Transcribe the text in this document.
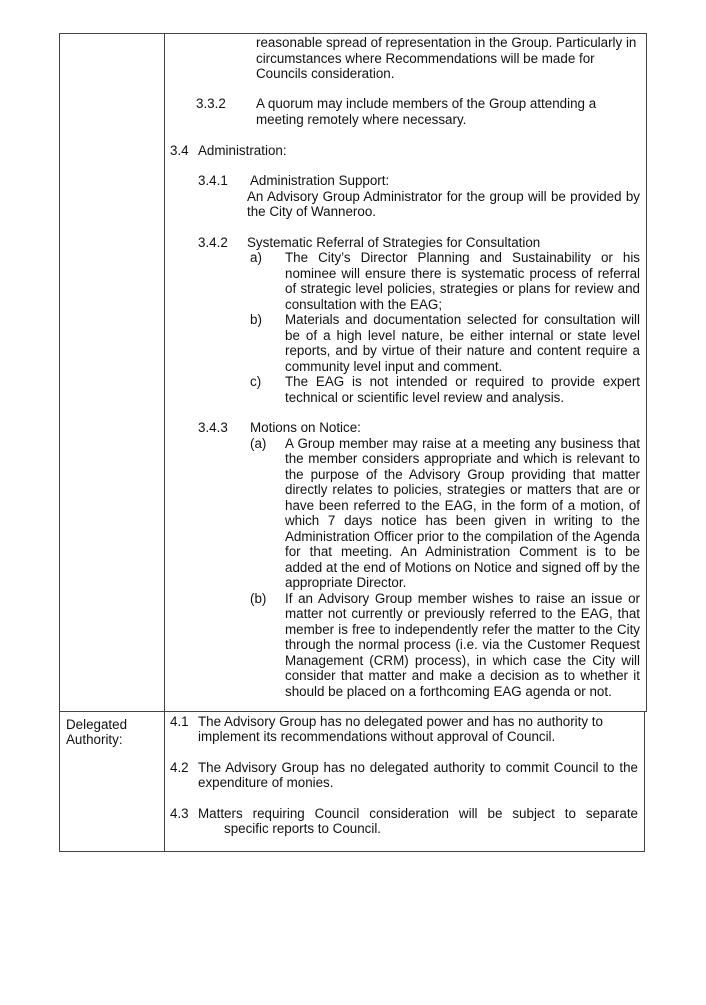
reasonable spread of representation in the Group. Particularly in
circumstances where Recommendations will be made for
Councils consideration.
3.3.2 A quorum may include members of the Group attending a
meeting remotely where necessary.
3.4 Administration:
3.4.1 Administration Support:
An Advisory Group Administrator for the group will be provided by
the City of Wanneroo.
3.4.2 Systematic Referral of Strategies for Consultation
a) The City’s Director Planning and Sustainability or his
nominee will ensure there is systematic process of referral
of strategic level policies, strategies or plans for review and
consultation with the EAG;
b) Materials and documentation selected for consultation will
be of a high level nature, be either internal or state level
reports, and by virtue of their nature and content require a
community level input and comment.
c) The EAG is not intended or required to provide expert
technical or scientific level review and analysis.
3.4.3 Motions on Notice:
(a) A Group member may raise at a meeting any business that
the member considers appropriate and which is relevant to
the purpose of the Advisory Group providing that matter
directly relates to policies, strategies or matters that are or
have been referred to the EAG, in the form of a motion, of
which 7 days notice has been given in writing to the
Administration Officer prior to the compilation of the Agenda
for that meeting. An Administration Comment is to be
added at the end of Motions on Notice and signed off by the
appropriate Director.
(b) If an Advisory Group member wishes to raise an issue or
matter not currently or previously referred to the EAG, that
member is free to independently refer the matter to the City
through the normal process (i.e. via the Customer Request
Management (CRM) process), in which case the City will
consider that matter and make a decision as to whether it
should be placed on a forthcoming EAG agenda or not.
Delegated
Authority:
4.1 The Advisory Group has no delegated power and has no authority to
implement its recommendations without approval of Council.
4.2 The Advisory Group has no delegated authority to commit Council to the
expenditure of monies.
4.3 Matters requiring Council consideration will be subject to separate
specific reports to Council.
